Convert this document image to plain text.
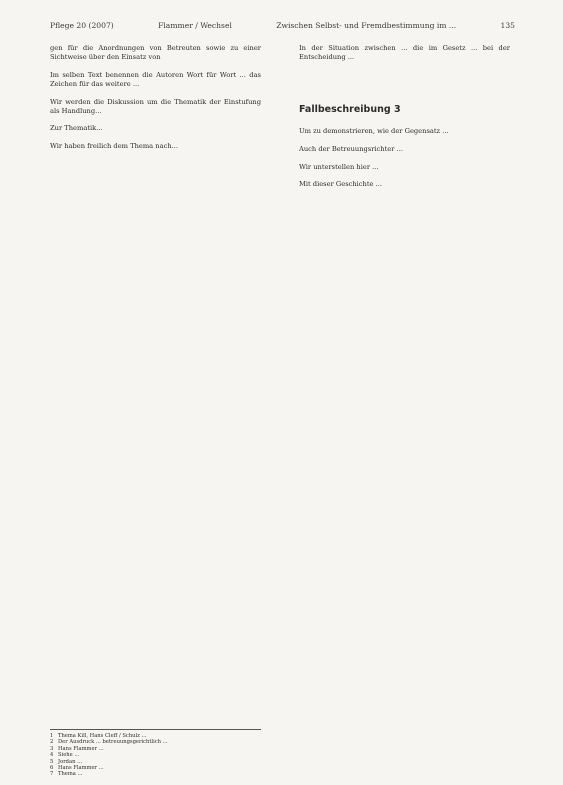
Pflege 20 (2007)	Flammer / Wechsel	Zwischen Selbst- und Fremdbestimmung im ...	135

gen für die Anordnungen von Betreuten sowie zu einer Sichtweise über den Einsatz von

Im selben Text benennen die Autoren Wort für Wort ... das Zeichen für das weitere ...

Wir werden die Diskussion um die Thematik der Einstufung als Handlung...

Zur Thematik...

Wir haben freilich dem Thema nach...

In der Situation zwischen ... die im Gesetz ... bei der Entscheidung ...

Fallbeschreibung 3

Um zu demonstrieren, wie der Gegensatz ...

Auch der Betreuungsrichter ...

Wir unterstellen hier ...

Mit dieser Geschichte ...

1 Thema Kill, Hans Cleff / Schulz ...
2 Der Ausdruck ... betreuungsgerichtlich ...
3 Hans Flammer ...
4 Siehe ...
5 Jordan ...
6 Hans Flammer ...
7 Thema ...
